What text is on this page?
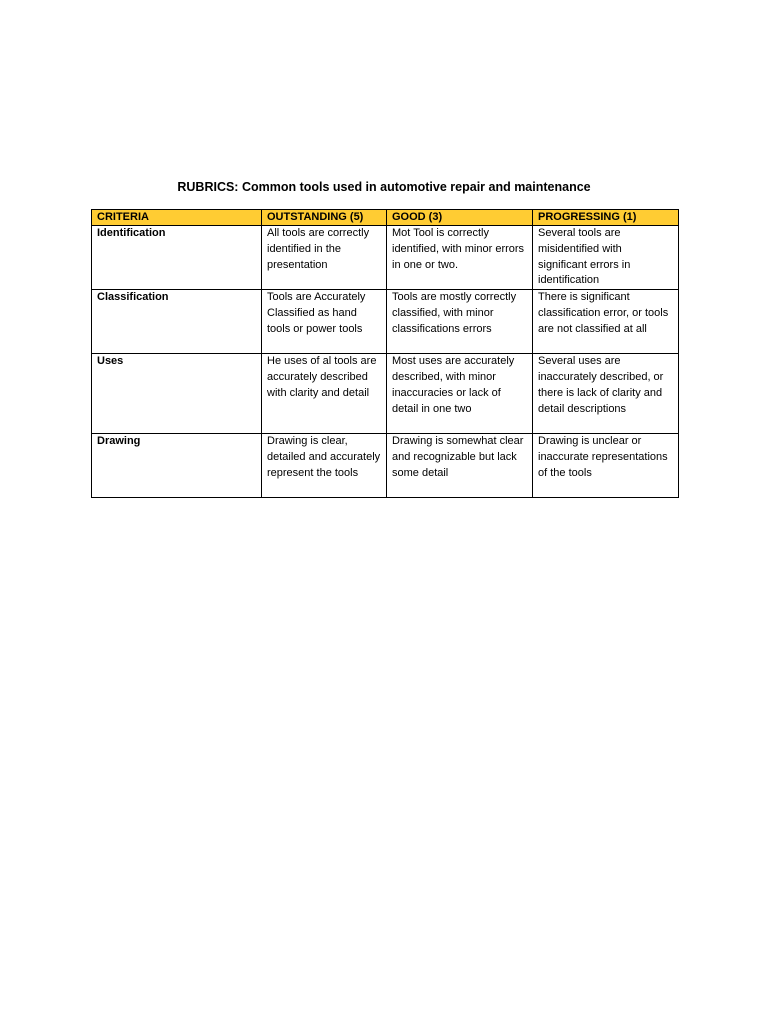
RUBRICS: Common tools used in automotive repair and maintenance
CRITERIA	OUTSTANDING (5)	GOOD (3)	PROGRESSING (1)
Identification	All tools are correctly identified in the presentation	Mot Tool is correctly identified, with minor errors in one or two.	Several tools are misidentified with significant errors in identification
Classification	Tools are Accurately Classified as hand tools or power tools	Tools are mostly correctly classified, with minor classifications errors	There is significant classification error, or tools are not classified at all
Uses	He uses of al tools are accurately described with clarity and detail	Most uses are accurately described, with minor inaccuracies or lack of detail in one two	Several uses are inaccurately described, or there is lack of clarity and detail descriptions
Drawing	Drawing is clear, detailed and accurately represent the tools	Drawing is somewhat clear and recognizable but lack some detail	Drawing is unclear or inaccurate representations of the tools
